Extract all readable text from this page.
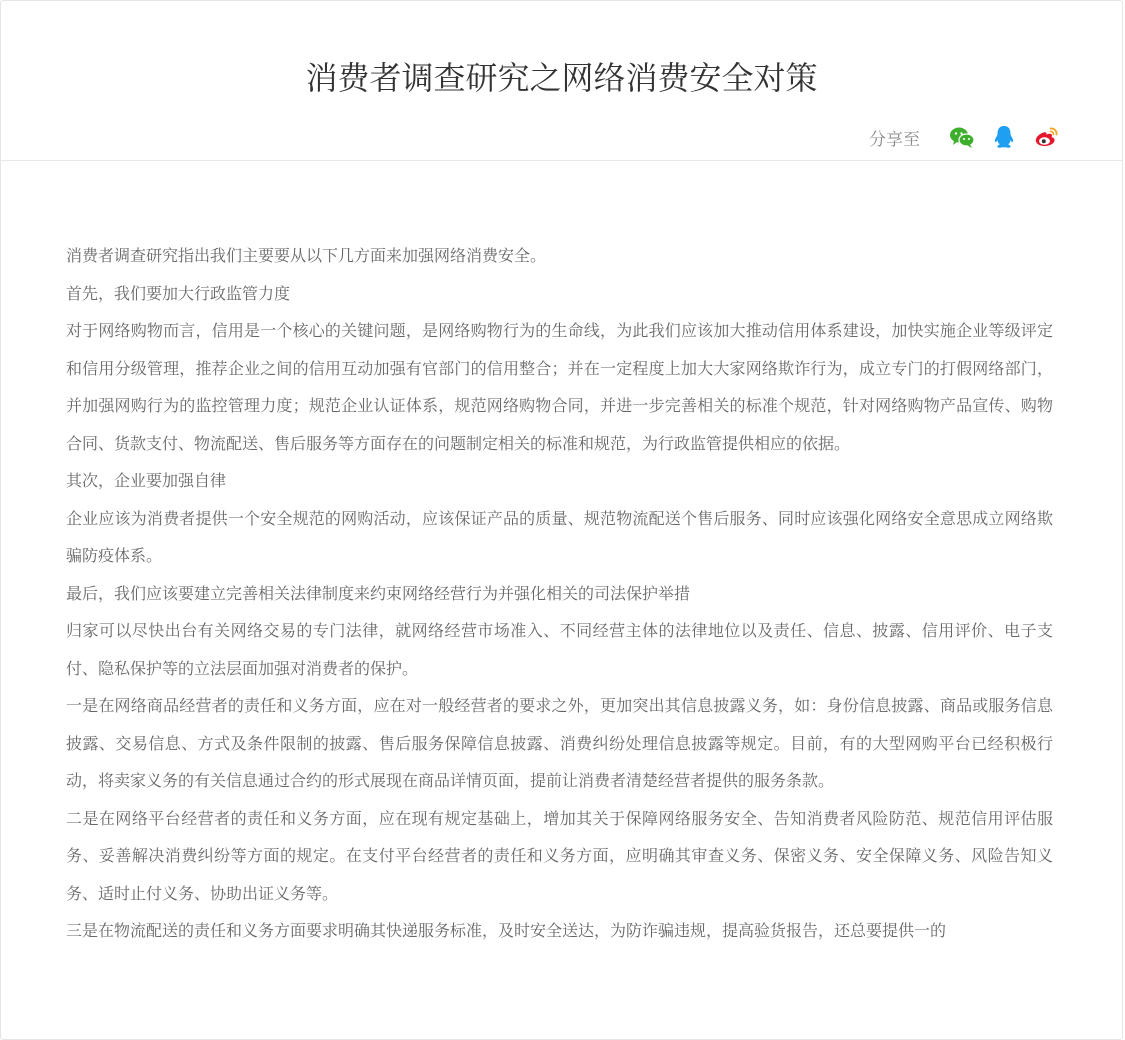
消费者调查研究之网络消费安全对策
分享至

消费者调查研究指出我们主要要从以下几方面来加强网络消费安全。

首先，我们要加大行政监管力度

对于网络购物而言，信用是一个核心的关键问题，是网络购物行为的生命线，为此我们应该加大推动信用体系建设，加快实施企业等级评定和信用分级管理，推荐企业之间的信用互动加强有官部门的信用整合；并在一定程度上加大大家网络欺诈行为，成立专门的打假网络部门，并加强网购行为的监控管理力度；规范企业认证体系，规范网络购物合同，并进一步完善相关的标准个规范，针对网络购物产品宣传、购物合同、货款支付、物流配送、售后服务等方面存在的问题制定相关的标准和规范，为行政监管提供相应的依据。

其次，企业要加强自律

企业应该为消费者提供一个安全规范的网购活动，应该保证产品的质量、规范物流配送个售后服务、同时应该强化网络安全意思成立网络欺骗防疫体系。

最后，我们应该要建立完善相关法律制度来约束网络经营行为并强化相关的司法保护举措

归家可以尽快出台有关网络交易的专门法律，就网络经营市场准入、不同经营主体的法律地位以及责任、信息、披露、信用评价、电子支付、隐私保护等的立法层面加强对消费者的保护。

一是在网络商品经营者的责任和义务方面，应在对一般经营者的要求之外，更加突出其信息披露义务，如：身份信息披露、商品或服务信息披露、交易信息、方式及条件限制的披露、售后服务保障信息披露、消费纠纷处理信息披露等规定。目前，有的大型网购平台已经积极行动，将卖家义务的有关信息通过合约的形式展现在商品详情页面，提前让消费者清楚经营者提供的服务条款。

二是在网络平台经营者的责任和义务方面，应在现有规定基础上，增加其关于保障网络服务安全、告知消费者风险防范、规范信用评估服务、妥善解决消费纠纷等方面的规定。在支付平台经营者的责任和义务方面，应明确其审查义务、保密义务、安全保障义务、风险告知义务、适时止付义务、协助出证义务等。

三是在物流配送的责任和义务方面要求明确其快递服务标准，及时安全送达，为防诈骗违规，提高验货报告，还总要提供一的
